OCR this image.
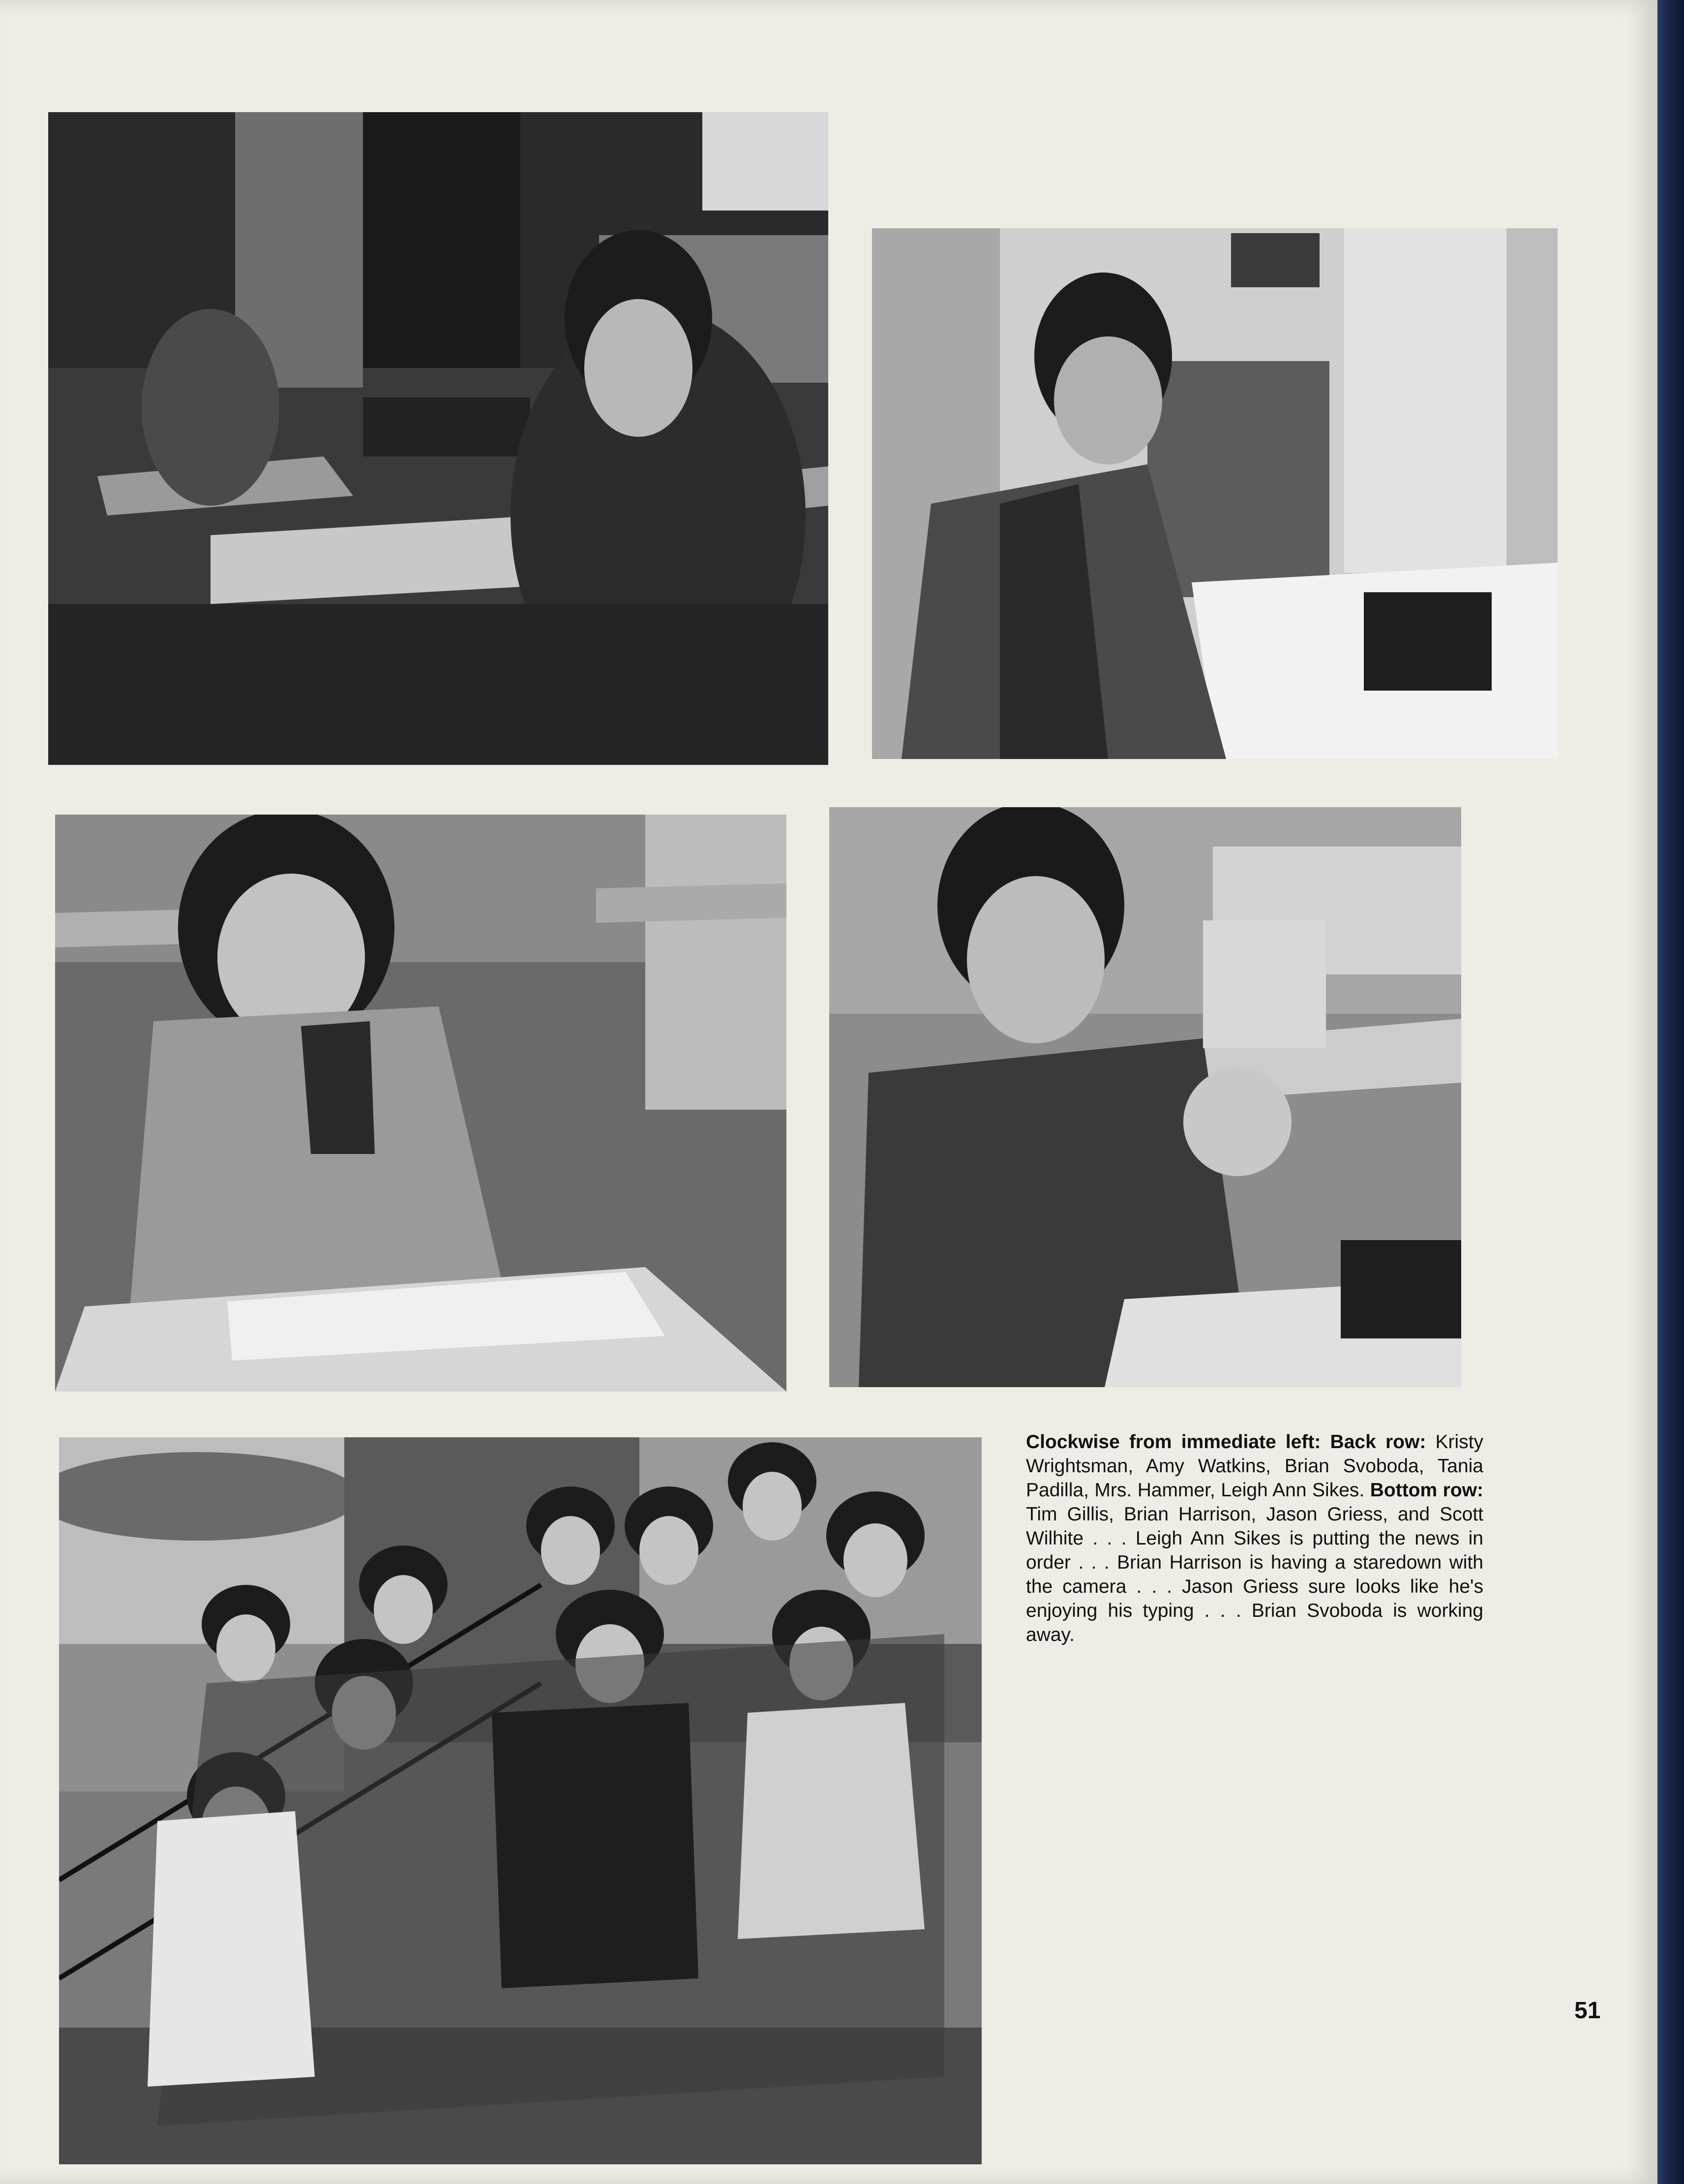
Clockwise from immediate left: Back row: Kristy Wrightsman, Amy Watkins, Brian Svoboda, Tania Padilla, Mrs. Hammer, Leigh Ann Sikes. Bottom row: Tim Gillis, Brian Harrison, Jason Griess, and Scott Wilhite . . . Leigh Ann Sikes is putting the news in order . . . Brian Harrison is having a staredown with the camera . . . Jason Griess sure looks like he's enjoying his typing . . . Brian Svoboda is working away.
51
